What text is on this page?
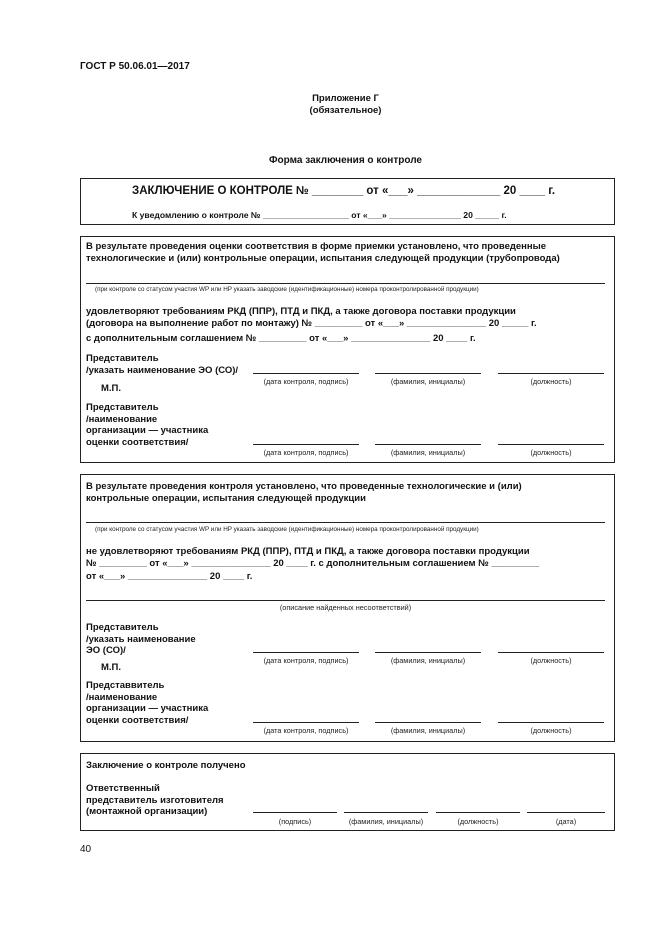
ГОСТ Р 50.06.01—2017
Приложение Г
(обязательное)
Форма заключения о контроле
ЗАКЛЮЧЕНИЕ О КОНТРОЛЕ № ________ от «___» _____________ 20 ____ г.
К уведомлению о контроле № __________________ от «___» _______________ 20 _____ г.
В результате проведения оценки соответствия в форме приемки установлено, что проведенные
технологические и (или) контрольные операции, испытания следующей продукции (трубопровода)
(при контроле со статусом участия WP или HP указать заводские (идентификационные) номера проконтролированной продукции)
удовлетворяют требованиям РКД (ППР), ПТД и ПКД, а также договора поставки продукции
(договора на выполнение работ по монтажу) № _________ от «___» _______________ 20 _____ г.
с дополнительным соглашением № _________ от «___» _______________ 20 ____ г.
Представитель
/указать наименование ЭО (СО)/
(дата контроля, подпись)	(фамилия, инициалы)	(должность)
М.П.
Представитель
/наименование
организации — участника
оценки соответствия/
(дата контроля, подпись)	(фамилия, инициалы)	(должность)
В результате проведения контроля установлено, что проведенные технологические и (или)
контрольные операции, испытания следующей продукции
(при контроле со статусом участия WP или HP указать заводские (идентификационные) номера проконтролированной продукции)
не удовлетворяют требованиям РКД (ППР), ПТД и ПКД, а также договора поставки продукции
№ _________ от «___» _______________ 20 ____ г. с дополнительным соглашением № _________
от «___» _______________ 20 ____ г.
(описание найденных несоответствий)
Представитель
/указать наименование
ЭО (СО)/
(дата контроля, подпись)	(фамилия, инициалы)	(должность)
М.П.
Представвитель
/наименование
организации — участника
оценки соответствия/
(дата контроля, подпись)	(фамилия, инициалы)	(должность)
Заключение о контроле получено
Ответственный
представитель изготовителя
(монтажной организации)
(подпись)	(фамилия, инициалы)	(должность)	(дата)
40
